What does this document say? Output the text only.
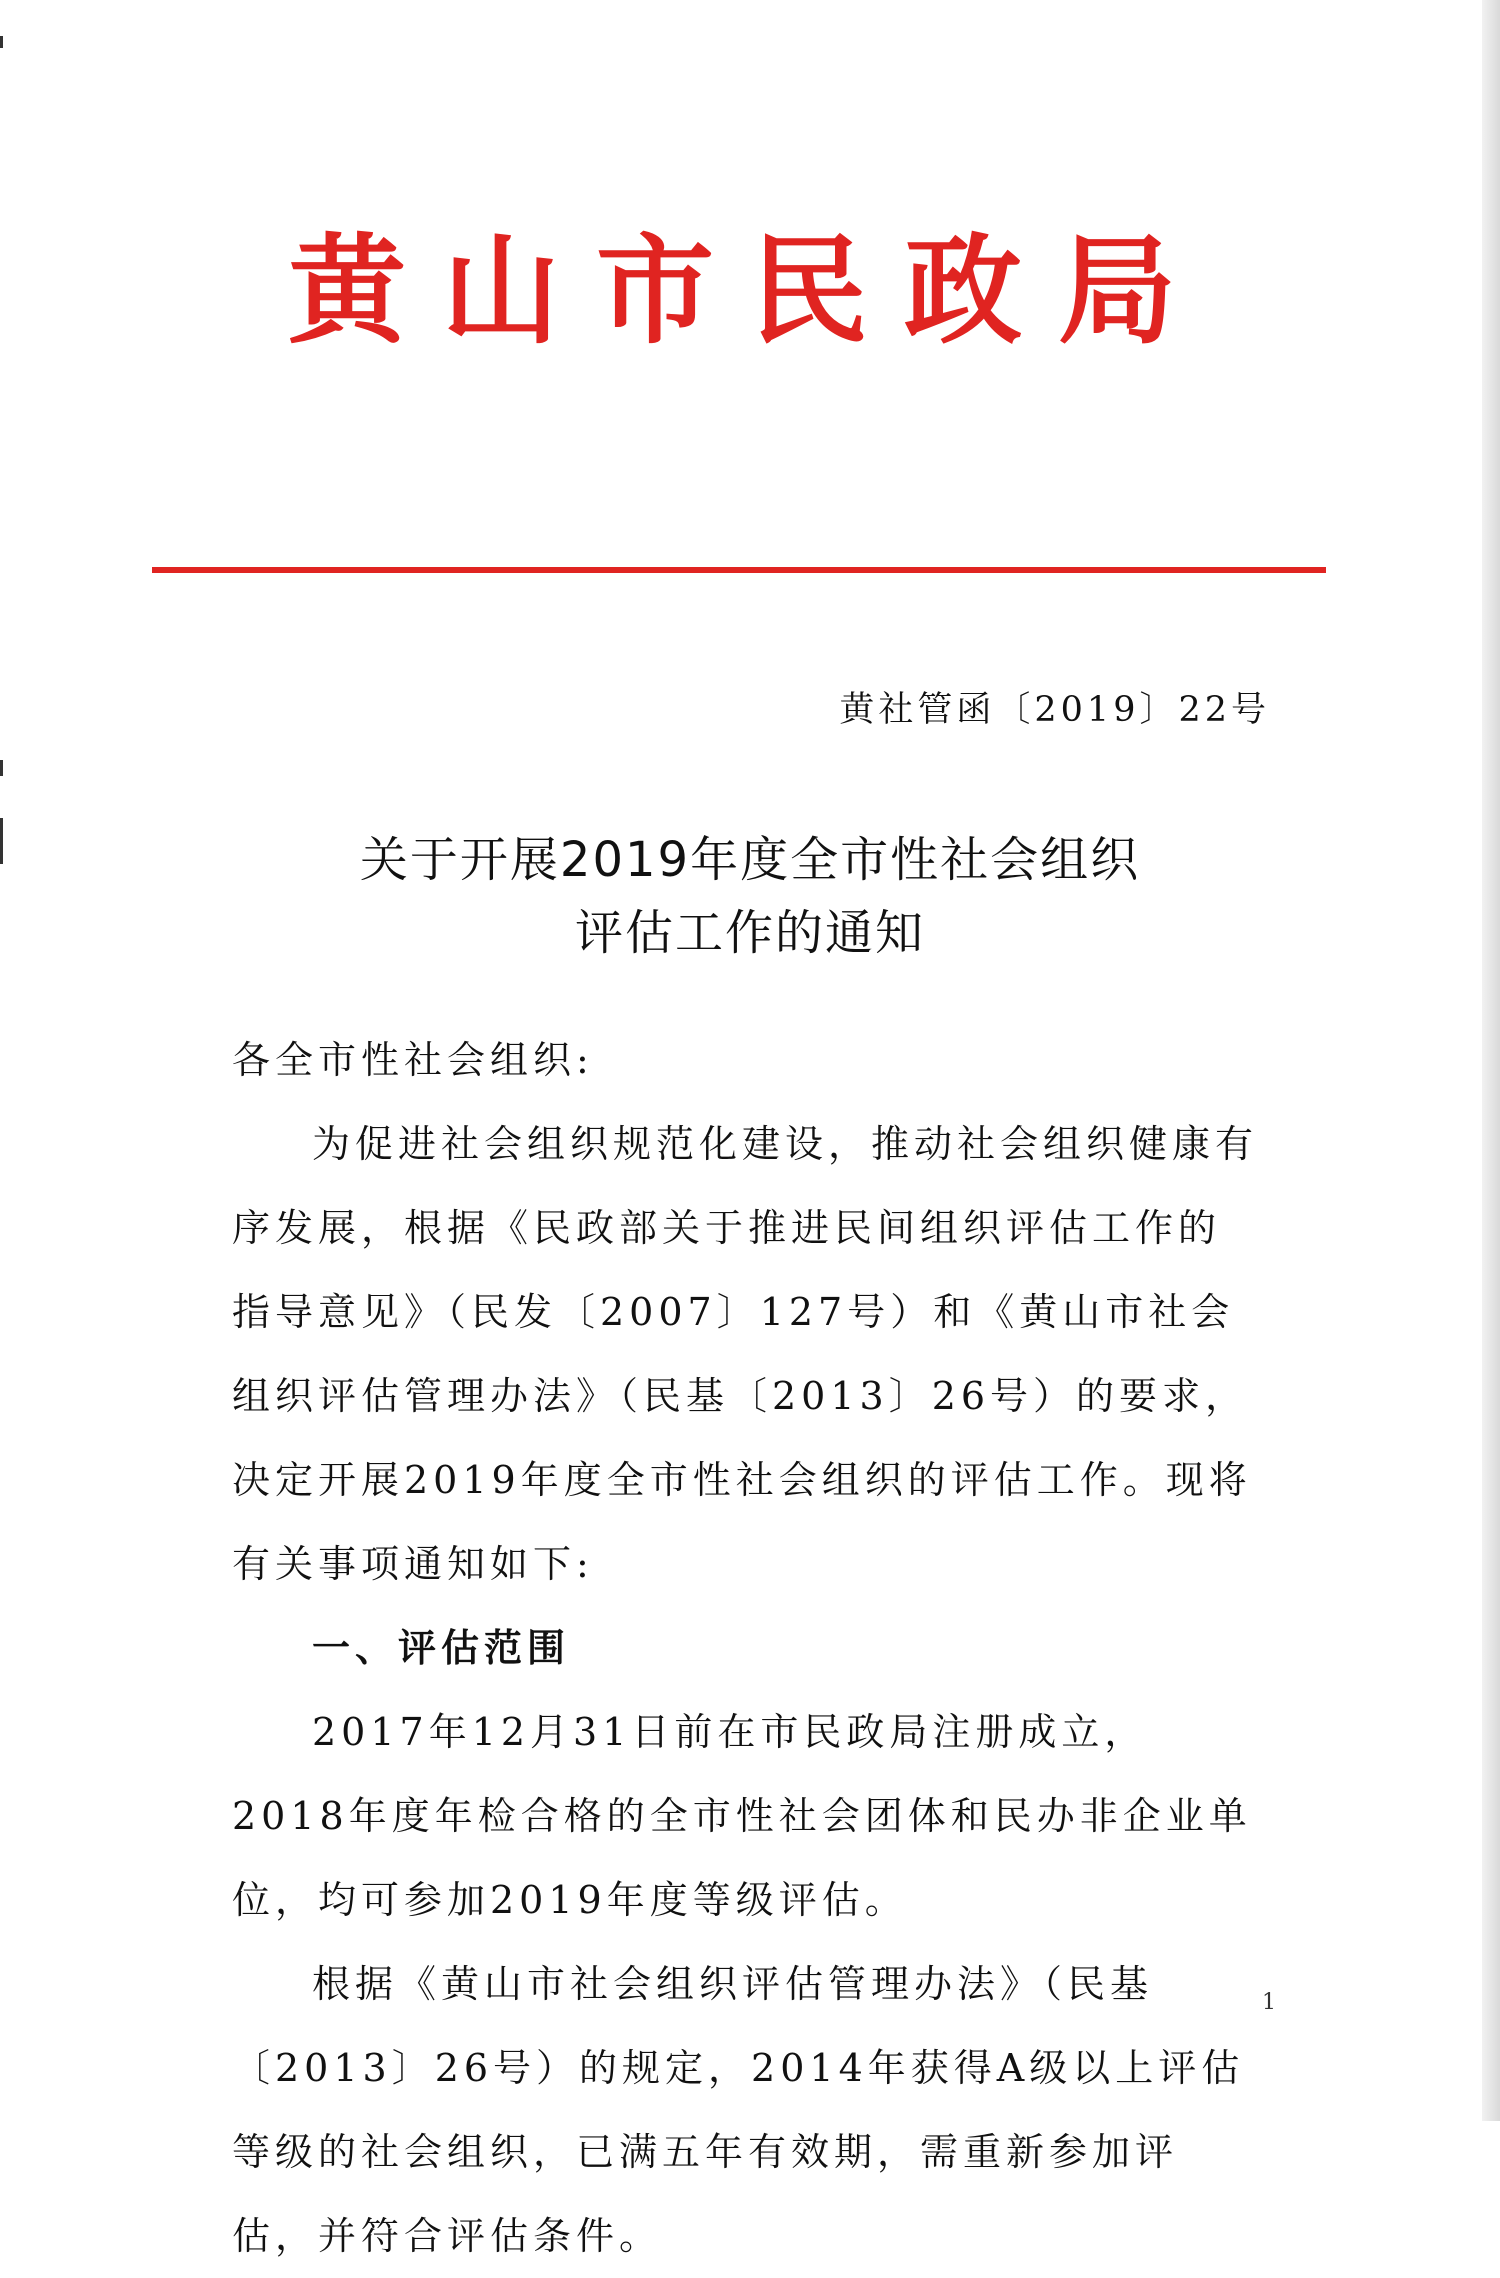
黄山市民政局
黄社管函〔2019〕22号
关于开展2019年度全市性社会组织
评估工作的通知

各全市性社会组织:

为促进社会组织规范化建设，推动社会组织健康有序发展，根据《民政部关于推进民间组织评估工作的指导意见》（民发〔2007〕127号）和《黄山市社会组织评估管理办法》（民基〔2013〕26号）的要求，决定开展2019年度全市性社会组织的评估工作。现将有关事项通知如下:

一、评估范围

2017年12月31日前在市民政局注册成立，2018年度年检合格的全市性社会团体和民办非企业单位，均可参加2019年度等级评估。

根据《黄山市社会组织评估管理办法》（民基〔2013〕26号）的规定，2014年获得A级以上评估等级的社会组织，已满五年有效期，需重新参加评估，并符合评估条件。

1
